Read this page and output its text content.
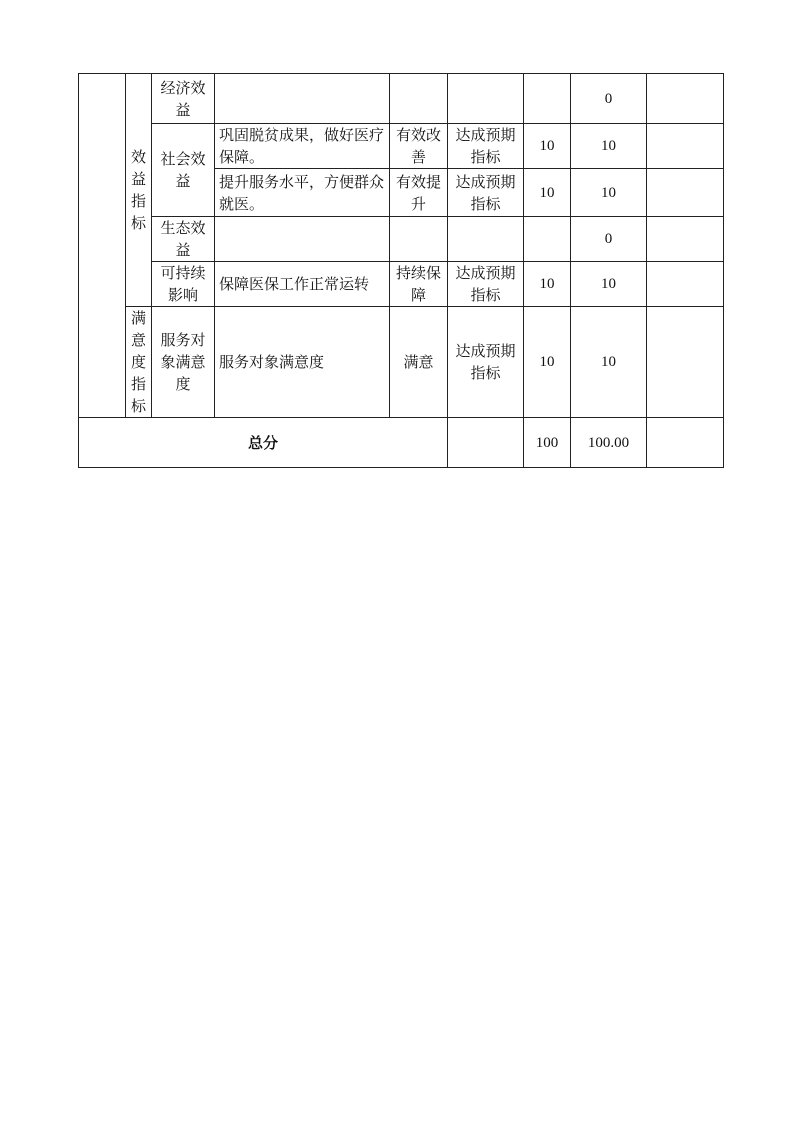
	效益指标	经济效益					0	
		社会效益	巩固脱贫成果，做好医疗保障。	有效改善	达成预期指标	10	10	
			提升服务水平，方便群众就医。	有效提升	达成预期指标	10	10	
		生态效益					0	
		可持续影响	保障医保工作正常运转	持续保障	达成预期指标	10	10	
	满意度指标	服务对象满意度	服务对象满意度	满意	达成预期指标	10	10	
总分						100	100.00	
